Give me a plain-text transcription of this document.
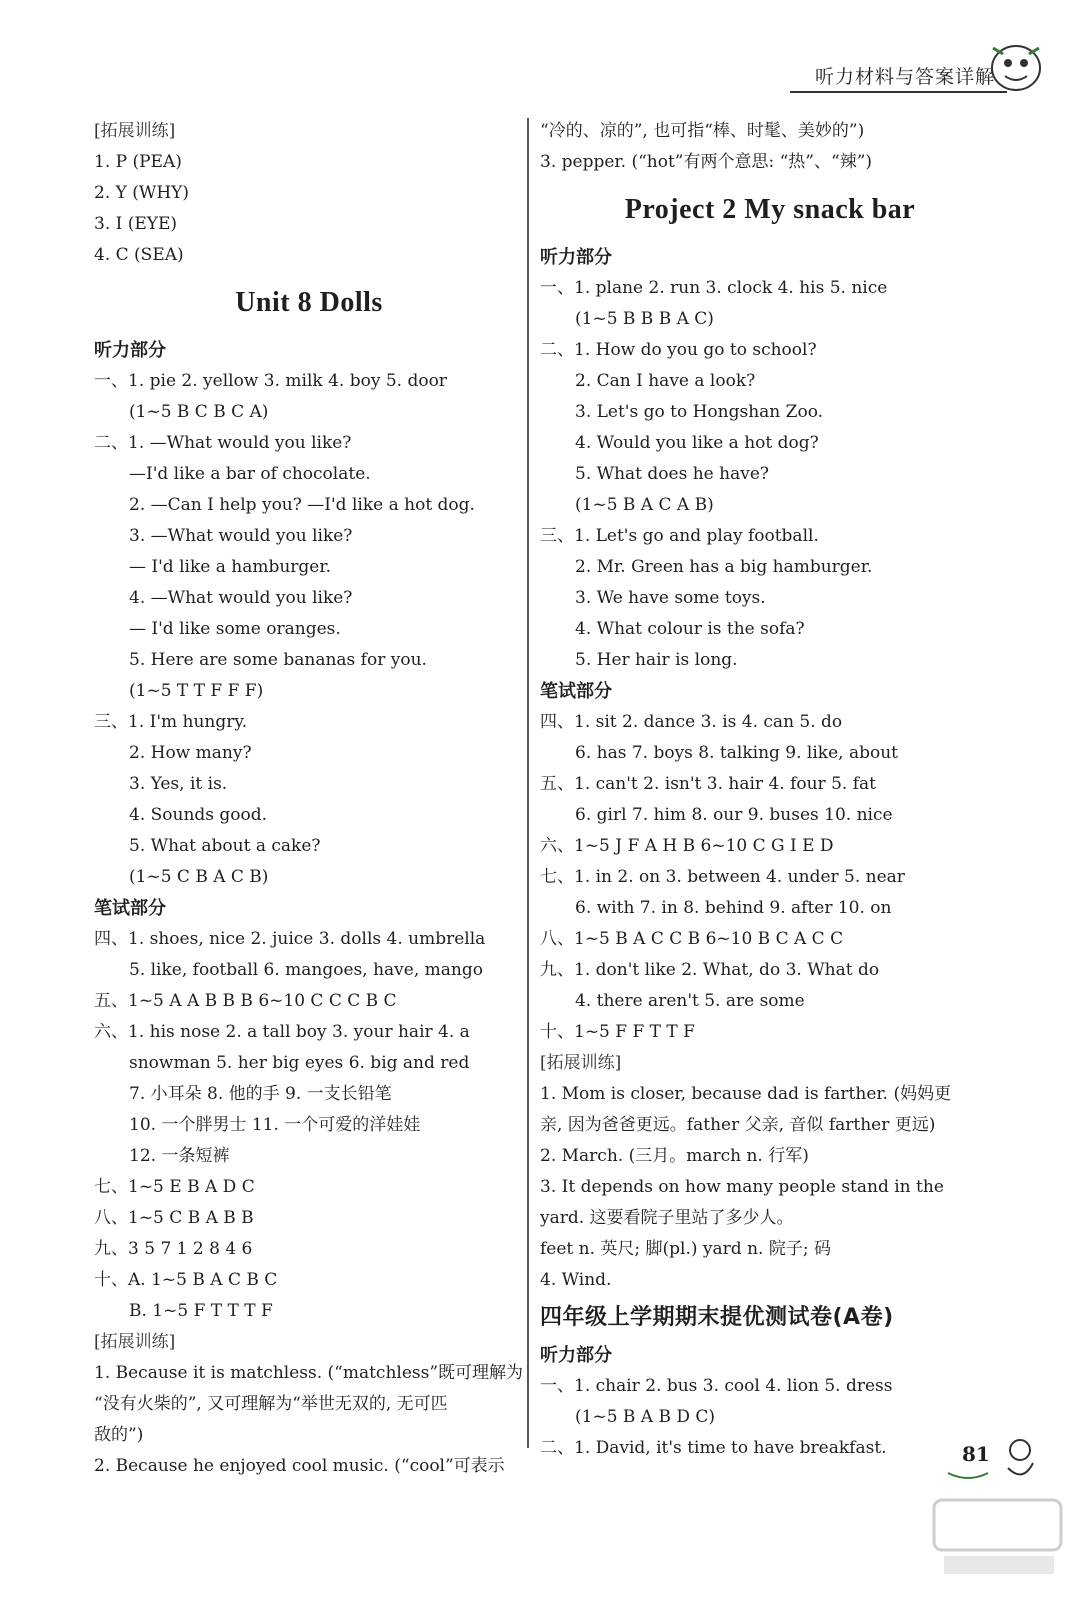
听力材料与答案详解
[拓展训练]
1. P (PEA)
2. Y (WHY)
3. I (EYE)
4. C (SEA)
Unit 8 Dolls
听力部分
一、1. pie 2. yellow 3. milk 4. boy 5. door
(1~5 B C B C A)
二、1. —What would you like?
—I'd like a bar of chocolate.
2. —Can I help you? —I'd like a hot dog.
3. —What would you like?
— I'd like a hamburger.
4. —What would you like?
— I'd like some oranges.
5. Here are some bananas for you.
(1~5 T T F F F)
三、1. I'm hungry.
2. How many?
3. Yes, it is.
4. Sounds good.
5. What about a cake?
(1~5 C B A C B)
笔试部分
四、1. shoes, nice 2. juice 3. dolls 4. umbrella
5. like, football 6. mangoes, have, mango
五、1~5 A A B B B 6~10 C C C B C
六、1. his nose 2. a tall boy 3. your hair 4. a
snowman 5. her big eyes 6. big and red
7. 小耳朵 8. 他的手 9. 一支长铅笔
10. 一个胖男士 11. 一个可爱的洋娃娃
12. 一条短裤
七、1~5 E B A D C
八、1~5 C B A B B
九、3 5 7 1 2 8 4 6
十、A. 1~5 B A C B C
B. 1~5 F T T T F
[拓展训练]
1. Because it is matchless. (“matchless”既可理解为
“没有火柴的”, 又可理解为“举世无双的, 无可匹
敌的”)
2. Because he enjoyed cool music. (“cool”可表示
“冷的、凉的”, 也可指“棒、时髦、美妙的”)
3. pepper. (“hot”有两个意思: “热”、“辣”)
Project 2 My snack bar
听力部分
一、1. plane 2. run 3. clock 4. his 5. nice
(1~5 B B B A C)
二、1. How do you go to school?
2. Can I have a look?
3. Let's go to Hongshan Zoo.
4. Would you like a hot dog?
5. What does he have?
(1~5 B A C A B)
三、1. Let's go and play football.
2. Mr. Green has a big hamburger.
3. We have some toys.
4. What colour is the sofa?
5. Her hair is long.
笔试部分
四、1. sit 2. dance 3. is 4. can 5. do
6. has 7. boys 8. talking 9. like, about
五、1. can't 2. isn't 3. hair 4. four 5. fat
6. girl 7. him 8. our 9. buses 10. nice
六、1~5 J F A H B 6~10 C G I E D
七、1. in 2. on 3. between 4. under 5. near
6. with 7. in 8. behind 9. after 10. on
八、1~5 B A C C B 6~10 B C A C C
九、1. don't like 2. What, do 3. What do
4. there aren't 5. are some
十、1~5 F F T T F
[拓展训练]
1. Mom is closer, because dad is farther. (妈妈更
亲, 因为爸爸更远。father 父亲, 音似 farther 更远)
2. March. (三月。march n. 行军)
3. It depends on how many people stand in the
yard. 这要看院子里站了多少人。
feet n. 英尺; 脚(pl.) yard n. 院子; 码
4. Wind.
四年级上学期期末提优测试卷(A卷)
听力部分
一、1. chair 2. bus 3. cool 4. lion 5. dress
(1~5 B A B D C)
二、1. David, it's time to have breakfast.	81
